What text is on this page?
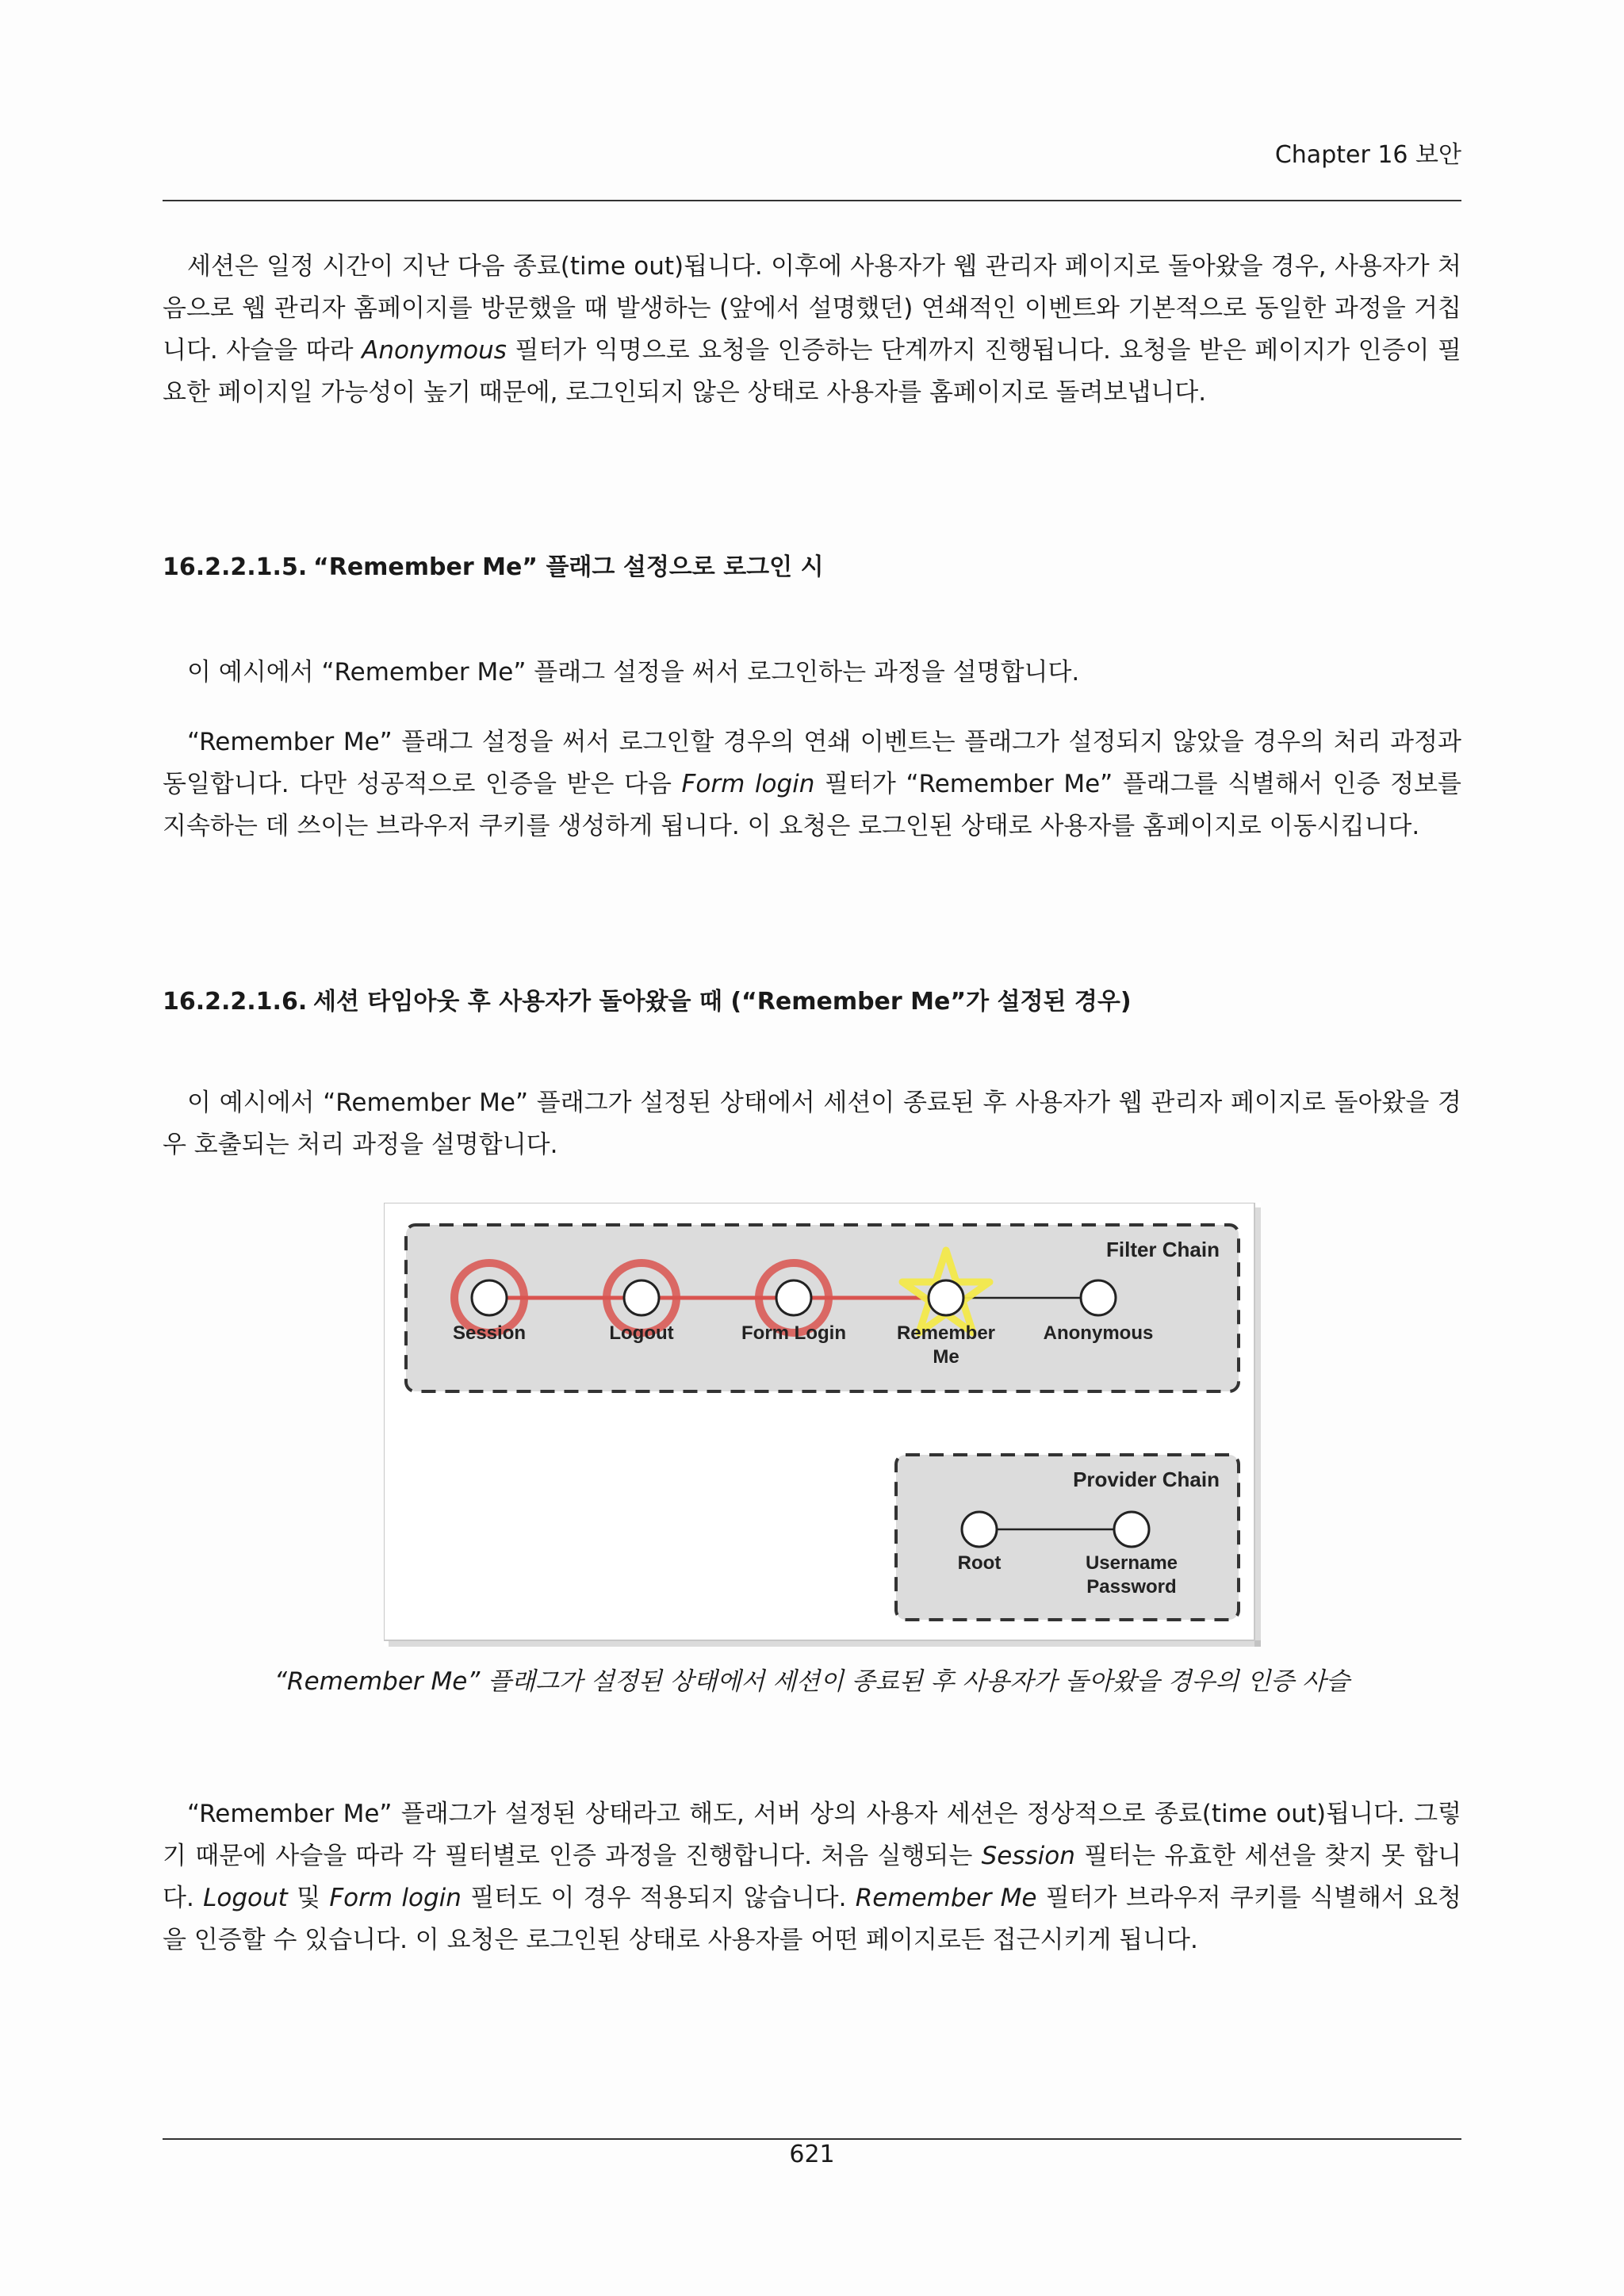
Chapter 16 보안

세션은 일정 시간이 지난 다음 종료(time out)됩니다. 이후에 사용자가 웹 관리자 페이지로 돌아왔을 경우, 사용자가 처음으로 웹 관리자 홈페이지를 방문했을 때 발생하는 (앞에서 설명했던) 연쇄적인 이벤트와 기본적으로 동일한 과정을 거칩니다. 사슬을 따라 Anonymous 필터가 익명으로 요청을 인증하는 단계까지 진행됩니다. 요청을 받은 페이지가 인증이 필요한 페이지일 가능성이 높기 때문에, 로그인되지 않은 상태로 사용자를 홈페이지로 돌려보냅니다.

16.2.2.1.5. “Remember Me” 플래그 설정으로 로그인 시

이 예시에서 “Remember Me” 플래그 설정을 써서 로그인하는 과정을 설명합니다.

“Remember Me” 플래그 설정을 써서 로그인할 경우의 연쇄 이벤트는 플래그가 설정되지 않았을 경우의 처리 과정과 동일합니다. 다만 성공적으로 인증을 받은 다음 Form login 필터가 “Remember Me” 플래그를 식별해서 인증 정보를 지속하는 데 쓰이는 브라우저 쿠키를 생성하게 됩니다. 이 요청은 로그인된 상태로 사용자를 홈페이지로 이동시킵니다.

16.2.2.1.6. 세션 타임아웃 후 사용자가 돌아왔을 때 (“Remember Me”가 설정된 경우)

이 예시에서 “Remember Me” 플래그가 설정된 상태에서 세션이 종료된 후 사용자가 웹 관리자 페이지로 돌아왔을 경우 호출되는 처리 과정을 설명합니다.

Filter Chain
Session	Logout	Form Login	Remember
Me
Anonymous
Provider Chain
Root	Username
Password
“Remember Me” 플래그가 설정된 상태에서 세션이 종료된 후 사용자가 돌아왔을 경우의 인증 사슬

“Remember Me” 플래그가 설정된 상태라고 해도, 서버 상의 사용자 세션은 정상적으로 종료(time out)됩니다. 그렇기 때문에 사슬을 따라 각 필터별로 인증 과정을 진행합니다. 처음 실행되는 Session 필터는 유효한 세션을 찾지 못 합니다. Logout 및 Form login 필터도 이 경우 적용되지 않습니다. Remember Me 필터가 브라우저 쿠키를 식별해서 요청을 인증할 수 있습니다. 이 요청은 로그인된 상태로 사용자를 어떤 페이지로든 접근시키게 됩니다.

621
